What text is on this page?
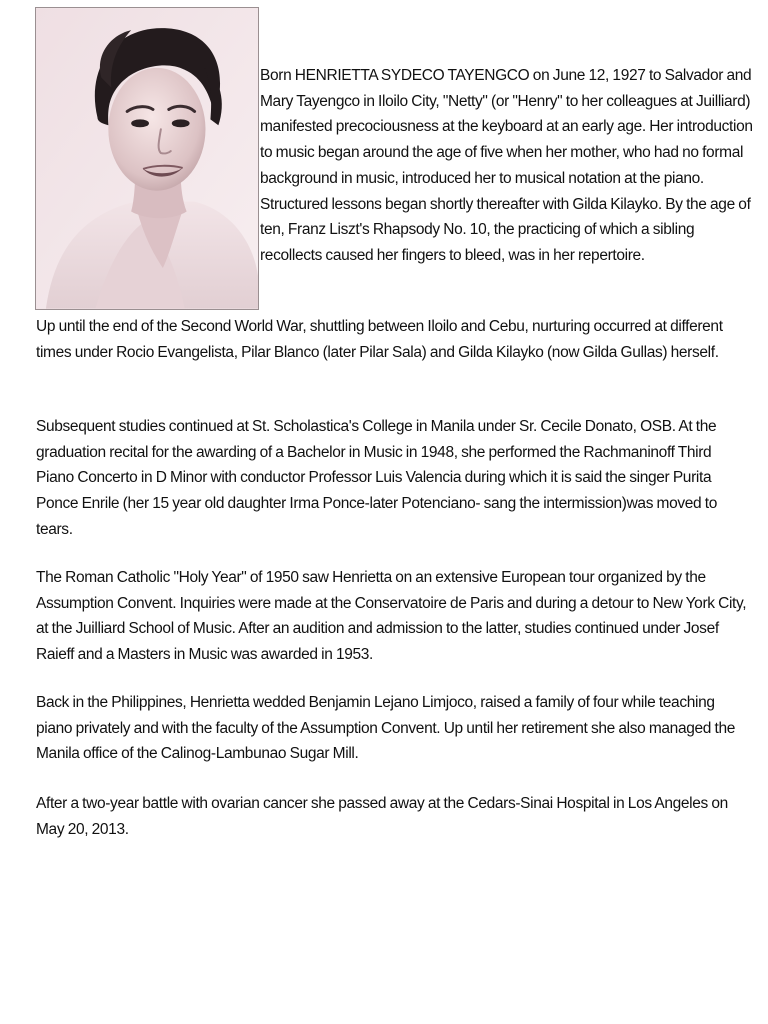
Born HENRIETTA SYDECO TAYENGCO on June 12, 1927 to Salvador and Mary Tayengco in Iloilo City, "Netty" (or "Henry" to her colleagues at Juilliard) manifested precociousness at the keyboard at an early age. Her introduction to music began around the age of five when her mother, who had no formal background in music, introduced her to musical notation at the piano. Structured lessons began shortly thereafter with Gilda Kilayko. By the age of ten, Franz Liszt's Rhapsody No. 10, the practicing of which a sibling recollects caused her fingers to bleed, was in her repertoire.

Up until the end of the Second World War, shuttling between Iloilo and Cebu, nurturing occurred at different times under Rocio Evangelista, Pilar Blanco (later Pilar Sala) and Gilda Kilayko (now Gilda Gullas) herself.

Subsequent studies continued at St. Scholastica's College in Manila under Sr. Cecile Donato, OSB. At the graduation recital for the awarding of a Bachelor in Music in 1948, she performed the Rachmaninoff Third Piano Concerto in D Minor with conductor Professor Luis Valencia during which it is said the singer Purita Ponce Enrile (her 15 year old daughter Irma Ponce-later Potenciano- sang the intermission)was moved to tears.

The Roman Catholic "Holy Year" of 1950 saw Henrietta on an extensive European tour organized by the Assumption Convent. Inquiries were made at the Conservatoire de Paris and during a detour to New York City, at the Juilliard School of Music. After an audition and admission to the latter, studies continued under Josef Raieff and a Masters in Music was awarded in 1953.

Back in the Philippines, Henrietta wedded Benjamin Lejano Limjoco, raised a family of four while teaching piano privately and with the faculty of the Assumption Convent. Up until her retirement she also managed the Manila office of the Calinog-Lambunao Sugar Mill.

After a two-year battle with ovarian cancer she passed away at the Cedars-Sinai Hospital in Los Angeles on May 20, 2013.
